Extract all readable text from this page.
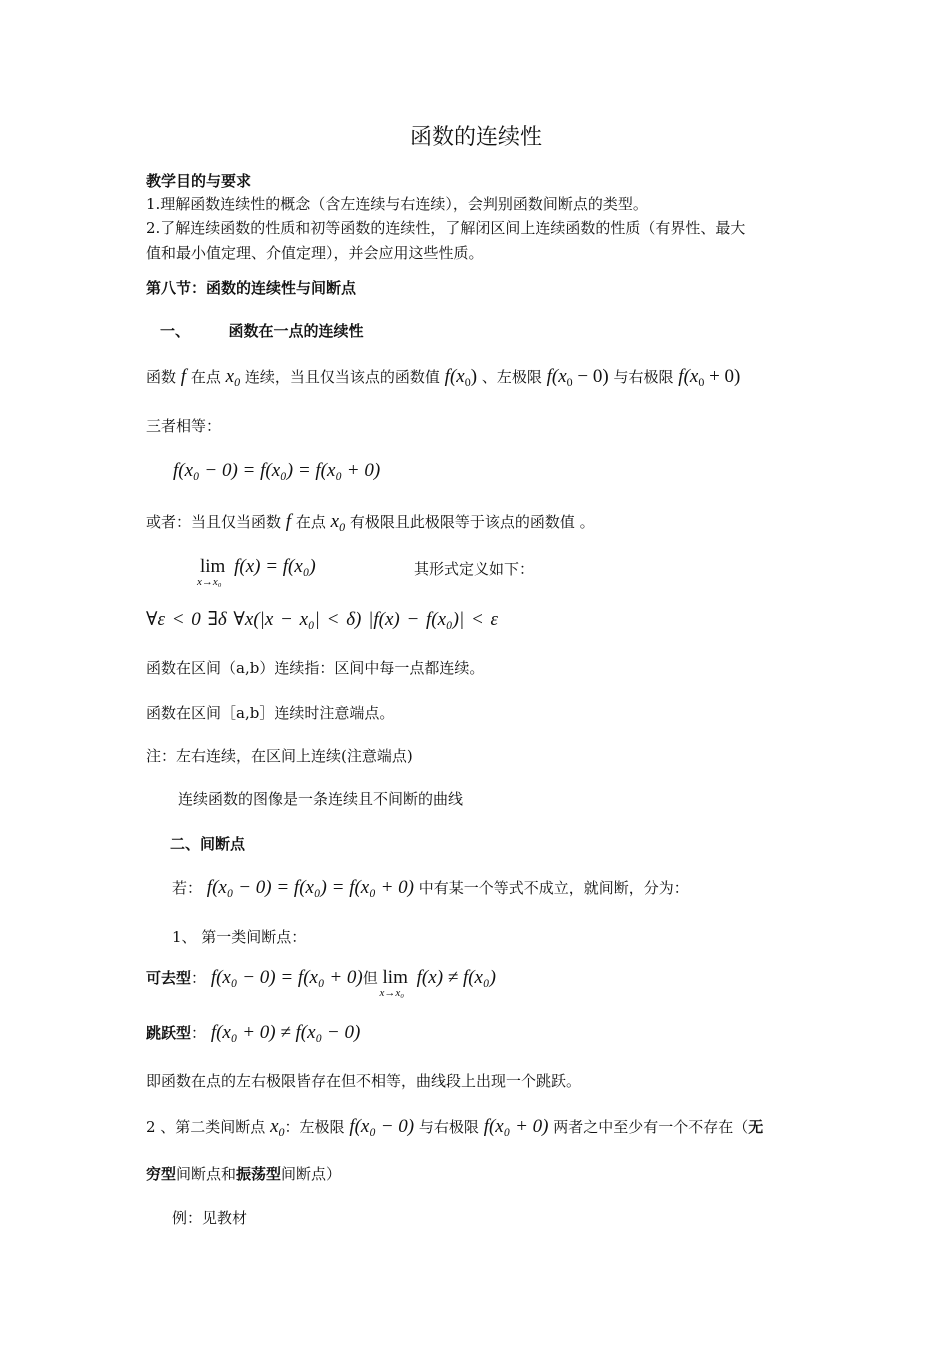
函数的连续性
教学目的与要求
1.理解函数连续性的概念（含左连续与右连续），会判别函数间断点的类型。
2.了解连续函数的性质和初等函数的连续性，了解闭区间上连续函数的性质（有界性、最大
值和最小值定理、介值定理），并会应用这些性质。
第八节：函数的连续性与间断点
一、	函数在一点的连续性
函数 f 在点 $x_0$ 连续，当且仅当该点的函数值 $f(x_0)$ 、左极限 $f(x_0 - 0)$ 与右极限 $f(x_0 + 0)$
三者相等：
f(x₀ − 0) = f(x₀) = f(x₀ + 0)
或者：当且仅当函数 f 在点 $x_0$ 有极限且此极限等于该点的函数值 。
lim
x→x₀
f(x) = f(x₀)	其形式定义如下：
∀ε < 0 ∃δ ∀x(|x − x₀| < δ) |f(x) − f(x₀)| < ε
函数在区间（a,b）连续指：区间中每一点都连续。
函数在区间［a,b］连续时注意端点。
注：左右连续，在区间上连续(注意端点)
连续函数的图像是一条连续且不间断的曲线
二、间断点
若： f(x₀ − 0) = f(x₀) = f(x₀ + 0) 中有某一个等式不成立，就间断，分为：
1、 第一类间断点：
可去型： f(x₀ − 0) = f(x₀ + 0)但 lim
x→x₀
f(x) ≠ f(x₀)
跳跃型： f(x₀ + 0) ≠ f(x₀ − 0)
即函数在点的左右极限皆存在但不相等，曲线段上出现一个跳跃。
2 、第二类间断点 $x_0$：左极限 f(x₀ − 0) 与右极限 f(x₀ + 0) 两者之中至少有一个不存在（无
穷型间断点和振荡型间断点）
例：见教材
